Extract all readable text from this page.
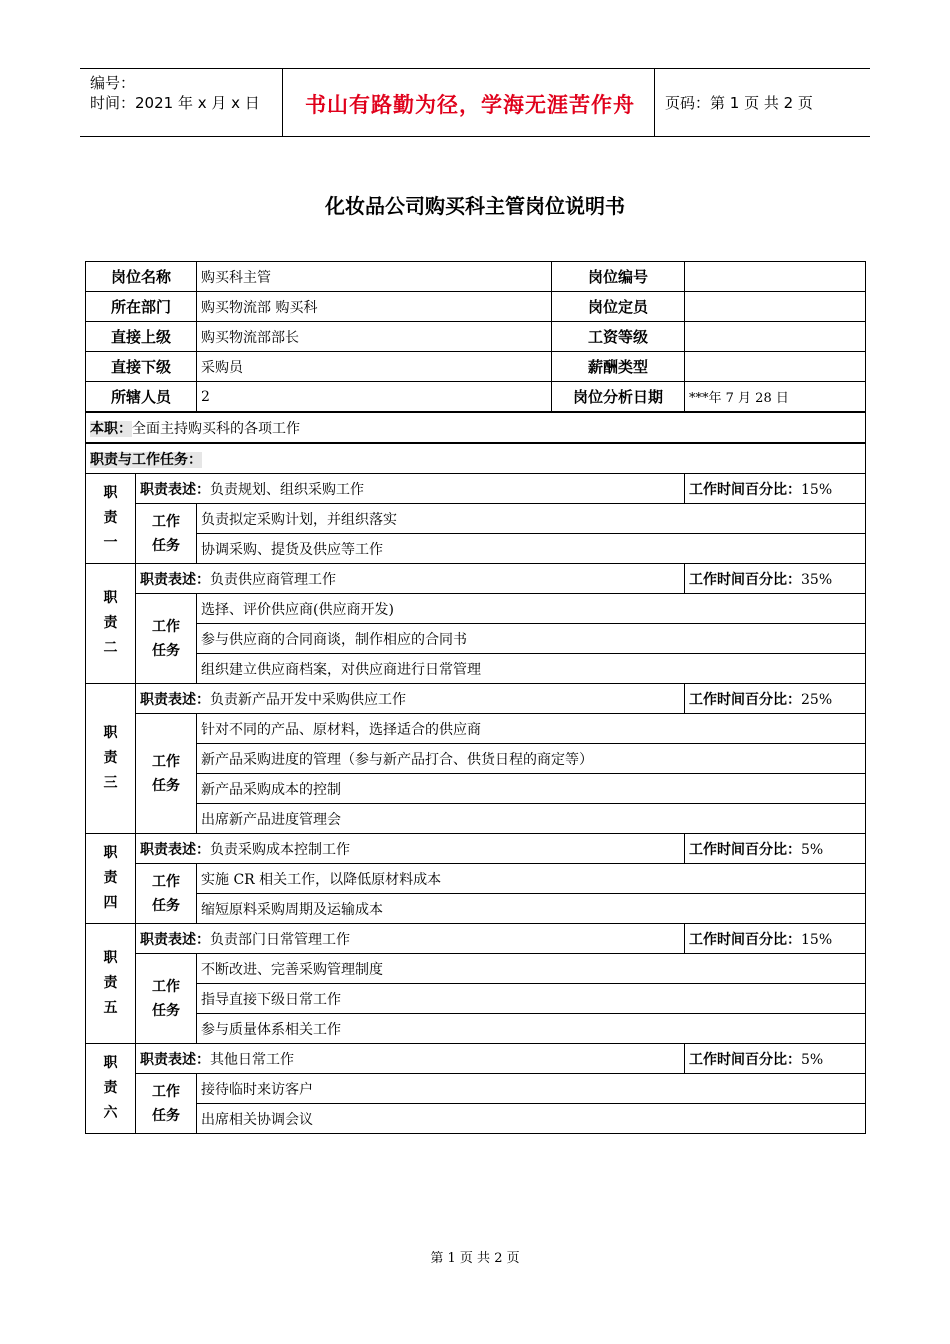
编号：
时间：2021 年 x 月 x 日	书山有路勤为径，学海无涯苦作舟	页码：第 1 页 共 2 页
化妆品公司购买科主管岗位说明书
岗位名称		购买科主管	岗位编号	
所在部门		购买物流部 购买科	岗位定员	
直接上级		购买物流部部长	工资等级	
直接下级		采购员	薪酬类型	
所辖人员		2	岗位分析日期	***年 7 月 28 日
本职：全面主持购买科的各项工作				
职责与工作任务：				

职
责
一	职责表述：负责规划、组织采购工作			工作时间百分比：15%

	工作
任务	负责拟定采购计划，并组织落实		
		协调采购、提货及供应等工作		

职
责
二	职责表述：负责供应商管理工作			工作时间百分比：35%

	工作
任务	选择、评价供应商(供应商开发)		
		参与供应商的合同商谈，制作相应的合同书		
		组织建立供应商档案，对供应商进行日常管理		

职
责
三	职责表述：负责新产品开发中采购供应工作			工作时间百分比：25%

	工作
任务	针对不同的产品、原材料，选择适合的供应商		
		新产品采购进度的管理（参与新产品打合、供货日程的商定等）		
		新产品采购成本的控制		
		出席新产品进度管理会		

职
责
四	职责表述：负责采购成本控制工作			工作时间百分比：5%

	工作
任务	实施 CR 相关工作，以降低原材料成本		
		缩短原料采购周期及运输成本		

职
责
五	职责表述：负责部门日常管理工作			工作时间百分比：15%

	工作
任务	不断改进、完善采购管理制度		
		指导直接下级日常工作		
		参与质量体系相关工作		

职
责
六	职责表述：其他日常工作			工作时间百分比：5%

	工作
任务	接待临时来访客户		
		出席相关协调会议		
第 1 页 共 2 页
